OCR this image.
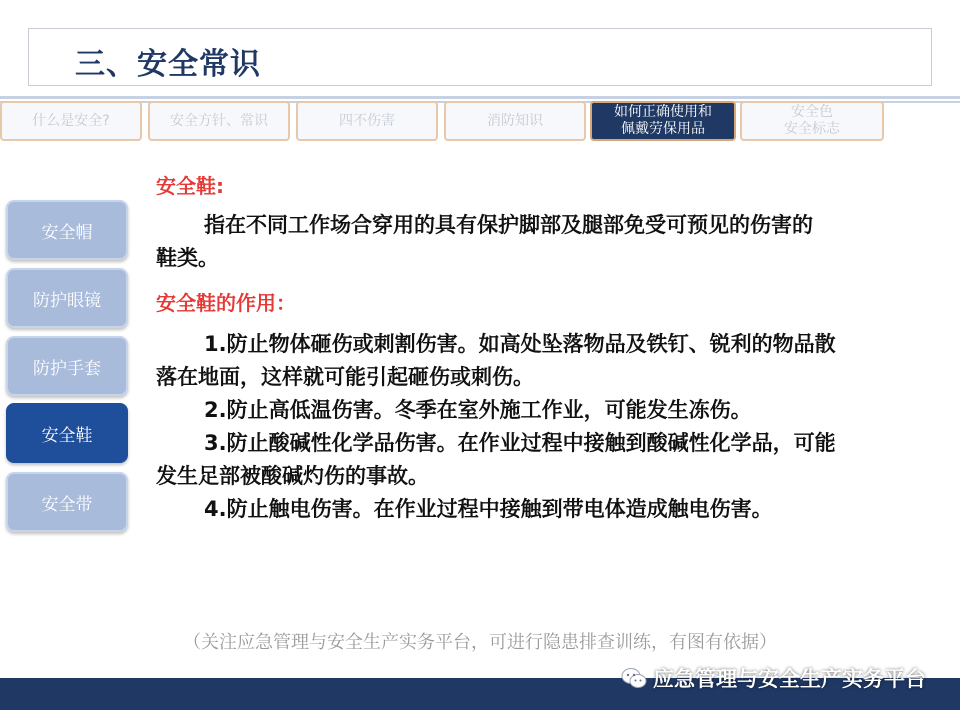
三、安全常识
什么是安全?	安全方针、常识	四不伤害	消防知识
如何正确使用和
佩戴劳保用品
安全色
安全标志
安全帽
防护眼镜
防护手套
安全鞋
安全带

安全鞋:

指在不同工作场合穿用的具有保护脚部及腿部免受可预见的伤害的

鞋类。

安全鞋的作用：

1.防止物体砸伤或刺割伤害。如高处坠落物品及铁钉、锐利的物品散

落在地面，这样就可能引起砸伤或刺伤。

2.防止高低温伤害。冬季在室外施工作业，可能发生冻伤。

3.防止酸碱性化学品伤害。在作业过程中接触到酸碱性化学品，可能

发生足部被酸碱灼伤的事故。

4.防止触电伤害。在作业过程中接触到带电体造成触电伤害。

（关注应急管理与安全生产实务平台，可进行隐患排查训练，有图有依据）
应急管理与安全生产实务平台
